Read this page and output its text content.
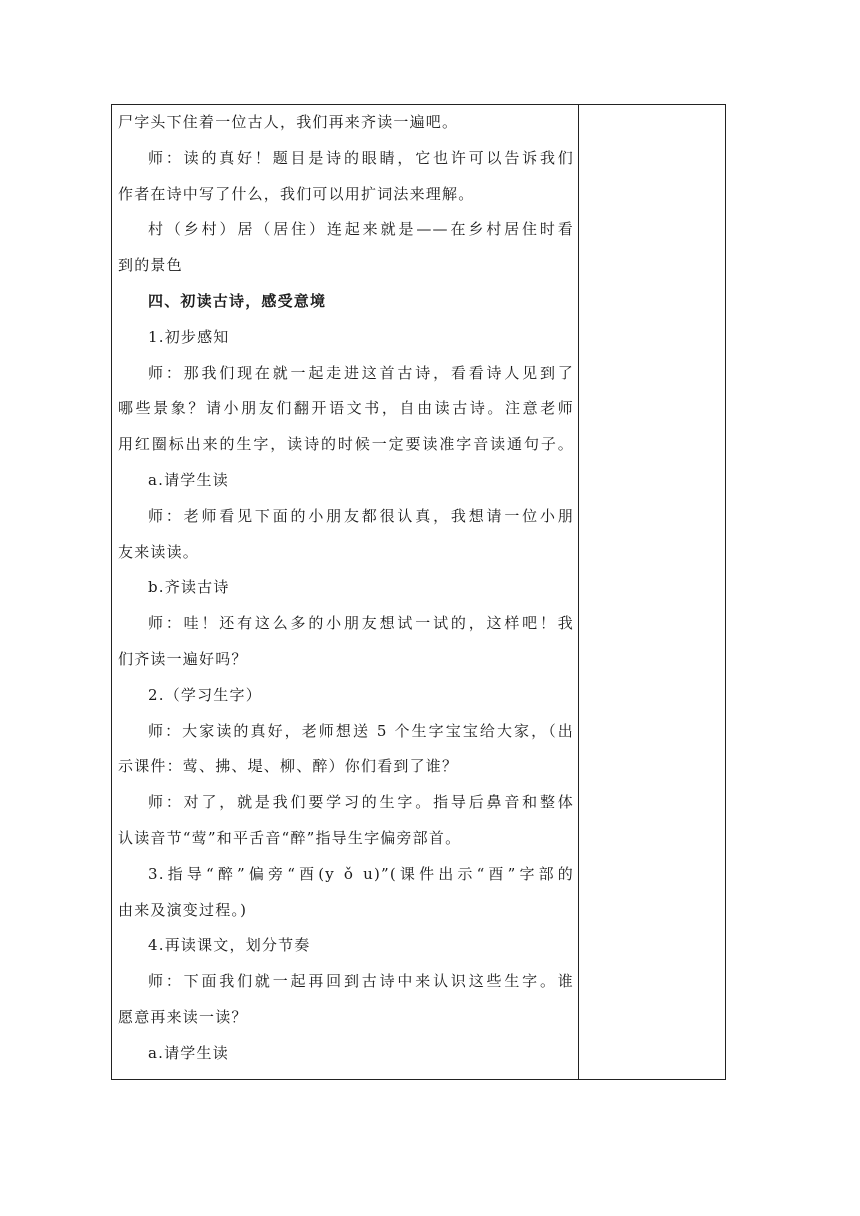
尸字头下住着一位古人，我们再来齐读一遍吧。
师：读的真好！题目是诗的眼睛，它也许可以告诉我们
作者在诗中写了什么，我们可以用扩词法来理解。
村（乡村）居（居住）连起来就是——在乡村居住时看
到的景色
四、初读古诗，感受意境
1.初步感知
师：那我们现在就一起走进这首古诗，看看诗人见到了
哪些景象？请小朋友们翻开语文书，自由读古诗。注意老师
用红圈标出来的生字，读诗的时候一定要读准字音读通句子。
a.请学生读
师：老师看见下面的小朋友都很认真，我想请一位小朋
友来读读。
b.齐读古诗
师：哇！还有这么多的小朋友想试一试的，这样吧！我
们齐读一遍好吗？
2.（学习生字）
师：大家读的真好，老师想送 5 个生字宝宝给大家，（出
示课件：莺、拂、堤、柳、醉）你们看到了谁？
师：对了，就是我们要学习的生字。指导后鼻音和整体
认读音节“莺”和平舌音“醉”指导生字偏旁部首。
3.指导“醉”偏旁“酉(y ǒ u)”(课件出示“酉”字部的
由来及演变过程。)
4.再读课文，划分节奏
师：下面我们就一起再回到古诗中来认识这些生字。谁
愿意再来读一读？
a.请学生读
